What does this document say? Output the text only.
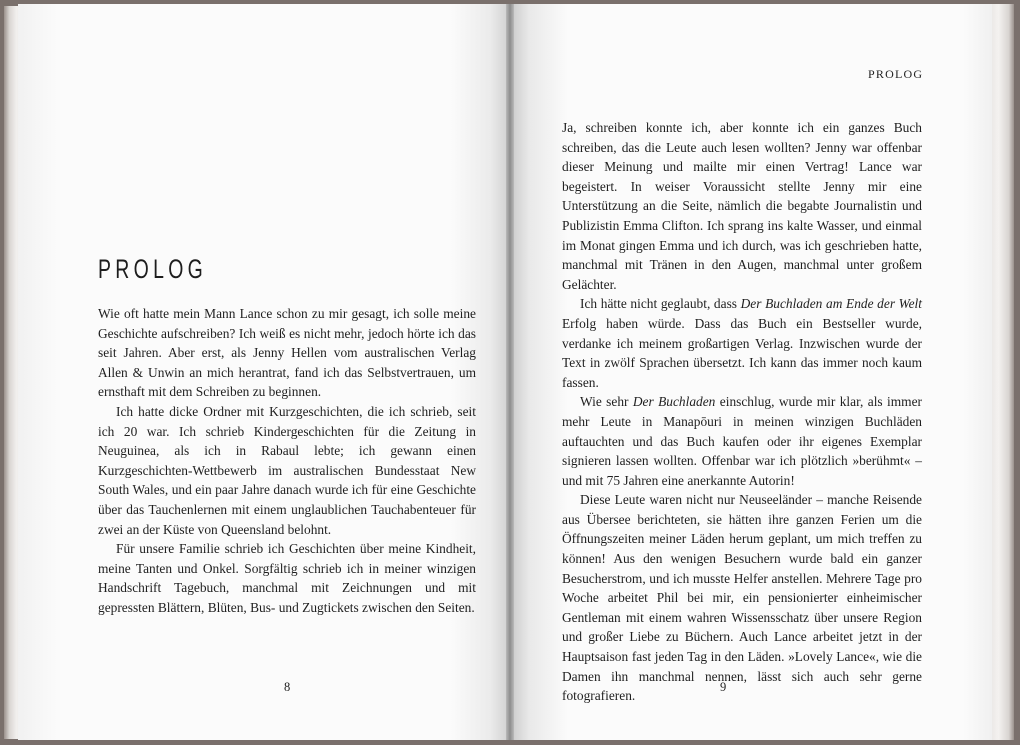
PROLOG

Wie oft hatte mein Mann Lance schon zu mir gesagt, ich solle meine Geschichte aufschreiben? Ich weiß es nicht mehr, jedoch hörte ich das seit Jahren. Aber erst, als Jenny Hellen vom australischen Verlag Allen & Unwin an mich herantrat, fand ich das Selbstvertrauen, um ernsthaft mit dem Schreiben zu beginnen.

Ich hatte dicke Ordner mit Kurzgeschichten, die ich schrieb, seit ich 20 war. Ich schrieb Kindergeschichten für die Zeitung in Neuguinea, als ich in Rabaul lebte; ich gewann einen Kurzgeschichten-Wettbewerb im australischen Bundesstaat New South Wales, und ein paar Jahre danach wurde ich für eine Geschichte über das Tauchenlernen mit einem unglaublichen Tauchabenteuer für zwei an der Küste von Queensland belohnt.

Für unsere Familie schrieb ich Geschichten über meine Kindheit, meine Tanten und Onkel. Sorgfältig schrieb ich in meiner winzigen Handschrift Tagebuch, manchmal mit Zeichnungen und mit gepressten Blättern, Blüten, Bus- und Zugtickets zwischen den Seiten.

8
PROLOG

Ja, schreiben konnte ich, aber konnte ich ein ganzes Buch schreiben, das die Leute auch lesen wollten? Jenny war offenbar dieser Meinung und mailte mir einen Vertrag! Lance war begeistert. In weiser Voraussicht stellte Jenny mir eine Unterstützung an die Seite, nämlich die begabte Journalistin und Publizistin Emma Clifton. Ich sprang ins kalte Wasser, und einmal im Monat gingen Emma und ich durch, was ich geschrieben hatte, manchmal mit Tränen in den Augen, manchmal unter großem Gelächter.

Ich hätte nicht geglaubt, dass Der Buchladen am Ende der Welt Erfolg haben würde. Dass das Buch ein Bestseller wurde, verdanke ich meinem großartigen Verlag. Inzwischen wurde der Text in zwölf Sprachen übersetzt. Ich kann das immer noch kaum fassen.

Wie sehr Der Buchladen einschlug, wurde mir klar, als immer mehr Leute in Manapōuri in meinen winzigen Buchläden auftauchten und das Buch kaufen oder ihr eigenes Exemplar signieren lassen wollten. Offenbar war ich plötzlich »berühmt« – und mit 75 Jahren eine anerkannte Autorin!

Diese Leute waren nicht nur Neuseeländer – manche Reisende aus Übersee berichteten, sie hätten ihre ganzen Ferien um die Öffnungszeiten meiner Läden herum geplant, um mich treffen zu können! Aus den wenigen Besuchern wurde bald ein ganzer Besucherstrom, und ich musste Helfer anstellen. Mehrere Tage pro Woche arbeitet Phil bei mir, ein pensionierter einheimischer Gentleman mit einem wahren Wissensschatz über unsere Region und großer Liebe zu Büchern. Auch Lance arbeitet jetzt in der Hauptsaison fast jeden Tag in den Läden. »Lovely Lance«, wie die Damen ihn manchmal nennen, lässt sich auch sehr gerne fotografieren.

9
